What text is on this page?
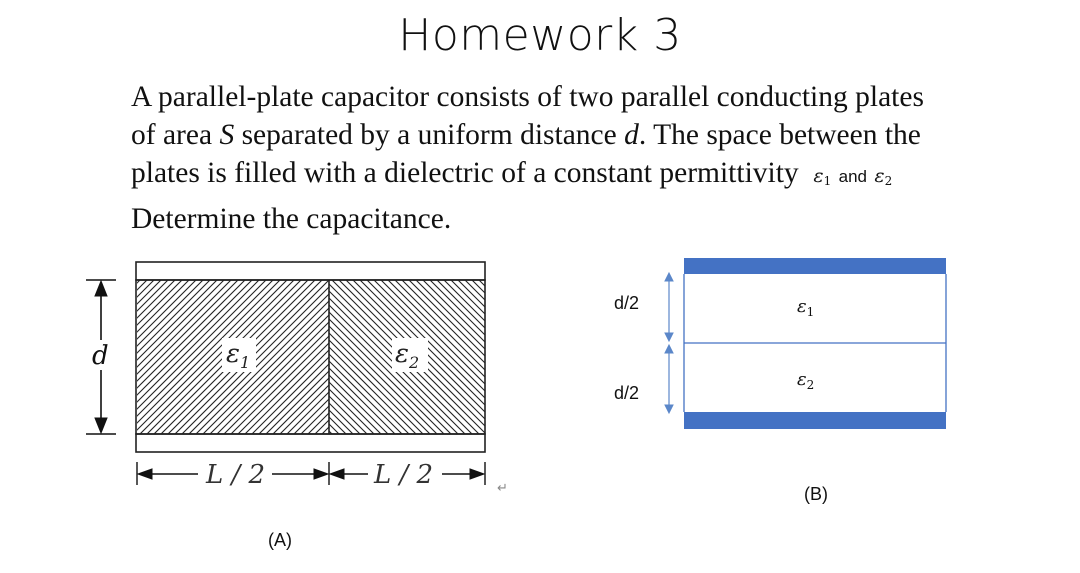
Homework 3
A parallel-plate capacitor consists of two parallel conducting plates
of area S separated by a uniform distance d. The space between the
plates is filled with a dielectric of a constant permittivity $\varepsilon_1$ and $\varepsilon_2$
Determine the capacitance.
$\varepsilon_1$	$\varepsilon_2$
d
L / 2	L / 2	↵
d/2
d/2
$\varepsilon_1$
$\varepsilon_2$
(A)
(B)
